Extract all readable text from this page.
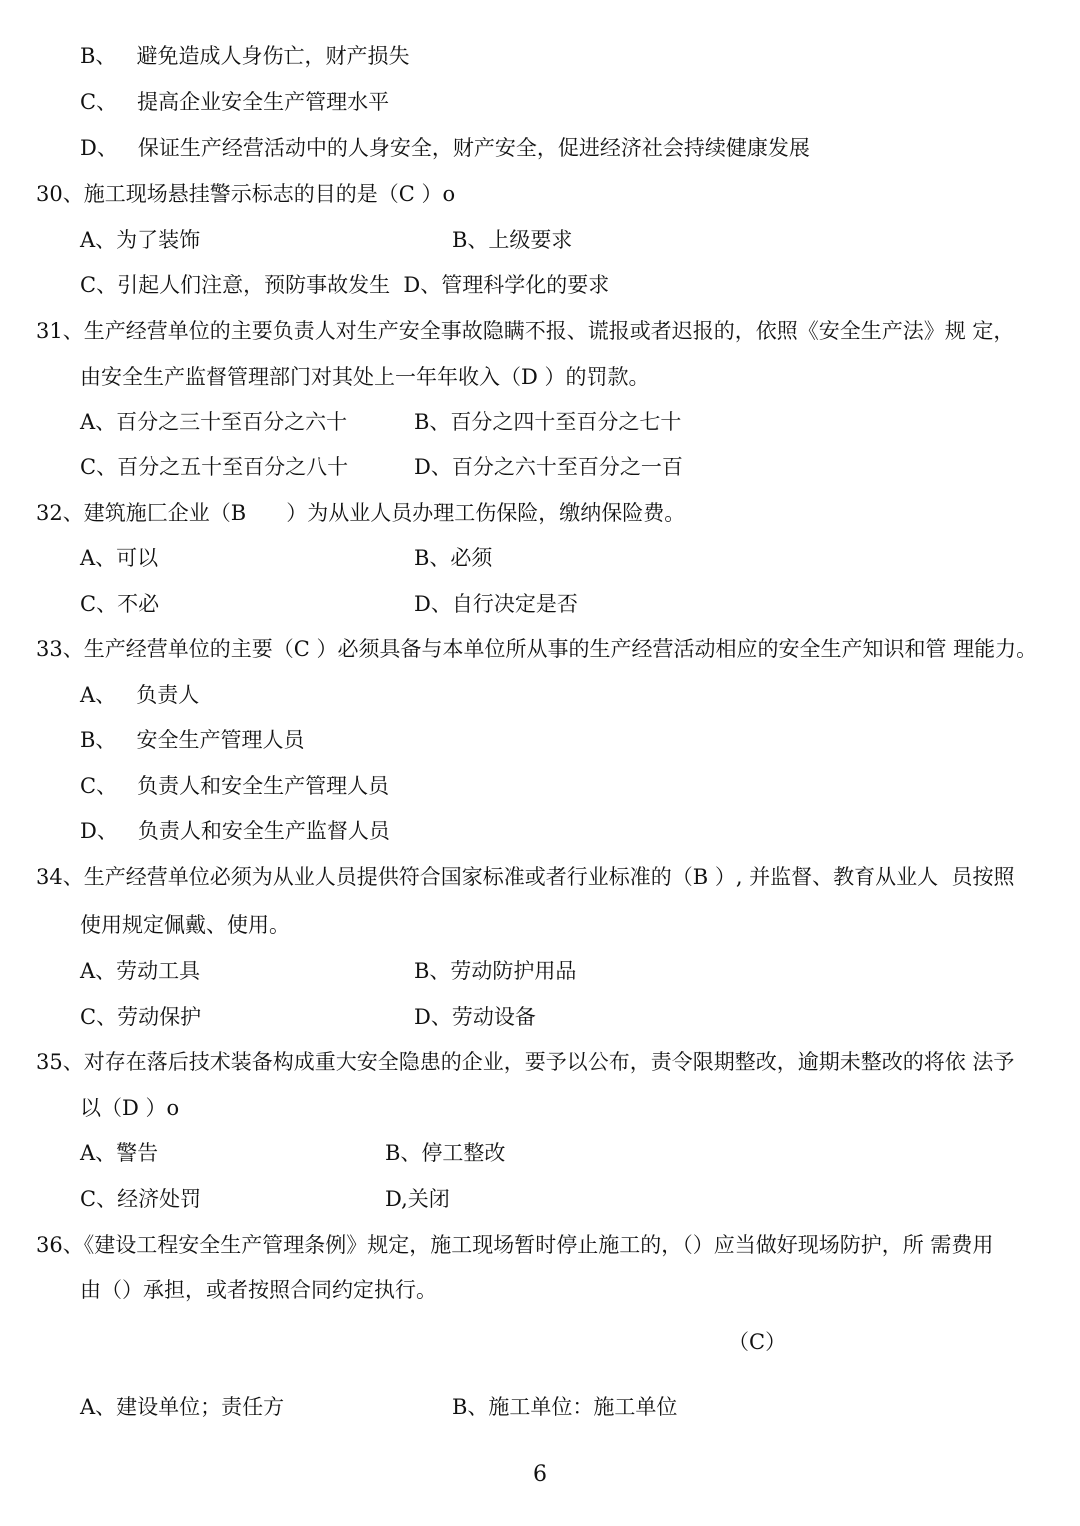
B、   避免造成人身伤亡，财产损失

C、   提高企业安全生产管理水平

D、   保证生产经营活动中的人身安全，财产安全，促进经济社会持续健康发展

30、施工现场悬挂警示标志的目的是（C ）o

A、为了装饰	B、上级要求

C、引起人们注意，预防事故发生  D、管理科学化的要求

31、生产经营单位的主要负责人对生产安全事故隐瞒不报、谎报或者迟报的，依照《安全生产法》规 定，

由安全生产监督管理部门对其处上一年年收入（D ）的罚款。

A、百分之三十至百分之六十	B、百分之四十至百分之七十
C、百分之五十至百分之八十	D、百分之六十至百分之一百

32、建筑施匚企业（B      ）为从业人员办理工伤保险，缴纳保险费。

A、可以	B、必须
C、不必	D、自行决定是否

33、生产经营单位的主要（C ）必须具备与本单位所从事的生产经营活动相应的安全生产知识和管 理能力。

A、   负责人

B、   安全生产管理人员

C、   负责人和安全生产管理人员

D、   负责人和安全生产监督人员

34、生产经营单位必须为从业人员提供符合国家标准或者行业标准的（B ）, 并监督、教育从业人  员按照

使用规定佩戴、使用。

A、劳动工具	B、劳动防护用品
C、劳动保护	D、劳动设备

35、对存在落后技术装备构成重大安全隐患的企业，要予以公布，责令限期整改，逾期未整改的将依 法予

以（D ）o

A、警告	B、停工整改
C、经济处罚	D,关闭

36、《建设工程安全生产管理条例》规定，施工现场暂时停止施工的，（）应当做好现场防护，所 需费用

由（）承担，或者按照合同约定执行。

（C）
A、建设单位；责任方	B、施工单位：施工单位
6
